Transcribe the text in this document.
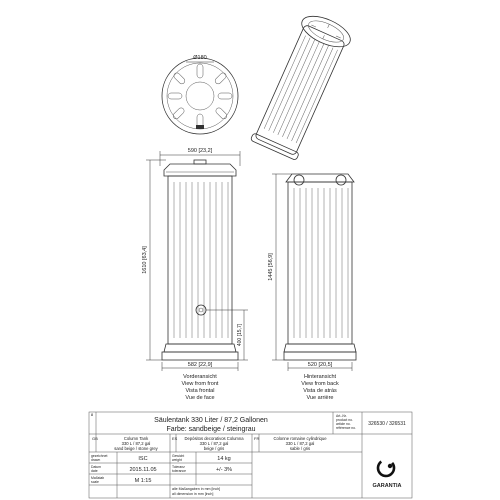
Ø180
590 [23,2]
1610 [63,4]
400 [15,7]
582 [22,9]
Vorderansicht
View from front
Vista frontal
Vue de face
1445 [56,9]
520 [20,5]
Hinteransicht
View from back
Vista de atrás
Vue arrière
8
Säulentank 330 Liter / 87,2 Gallonen
Farbe: sandbeige / steingrau
Art.-Nr.
product no.
article no.
référence no.
326530 / 326531
GB	Column Tank
330 L / 87,2 gal
sand beige / stone grey
ES Depósitos decorativos Columna
330 L / 87,2 gal
beige / gris
FR	Colonne romaine cylindrique
330 L / 87,2 gal
sable / gris
gezeichnet
drawn	ISC	Gewicht
weight	14 kg
Datum
date	2015.11.05	Toleranz
tolerance	+/- 3%
Maßstab
scale	M 1:15
alle Maßangaben in mm [inch]
all dimension in mm [inch]
GARANTIA
